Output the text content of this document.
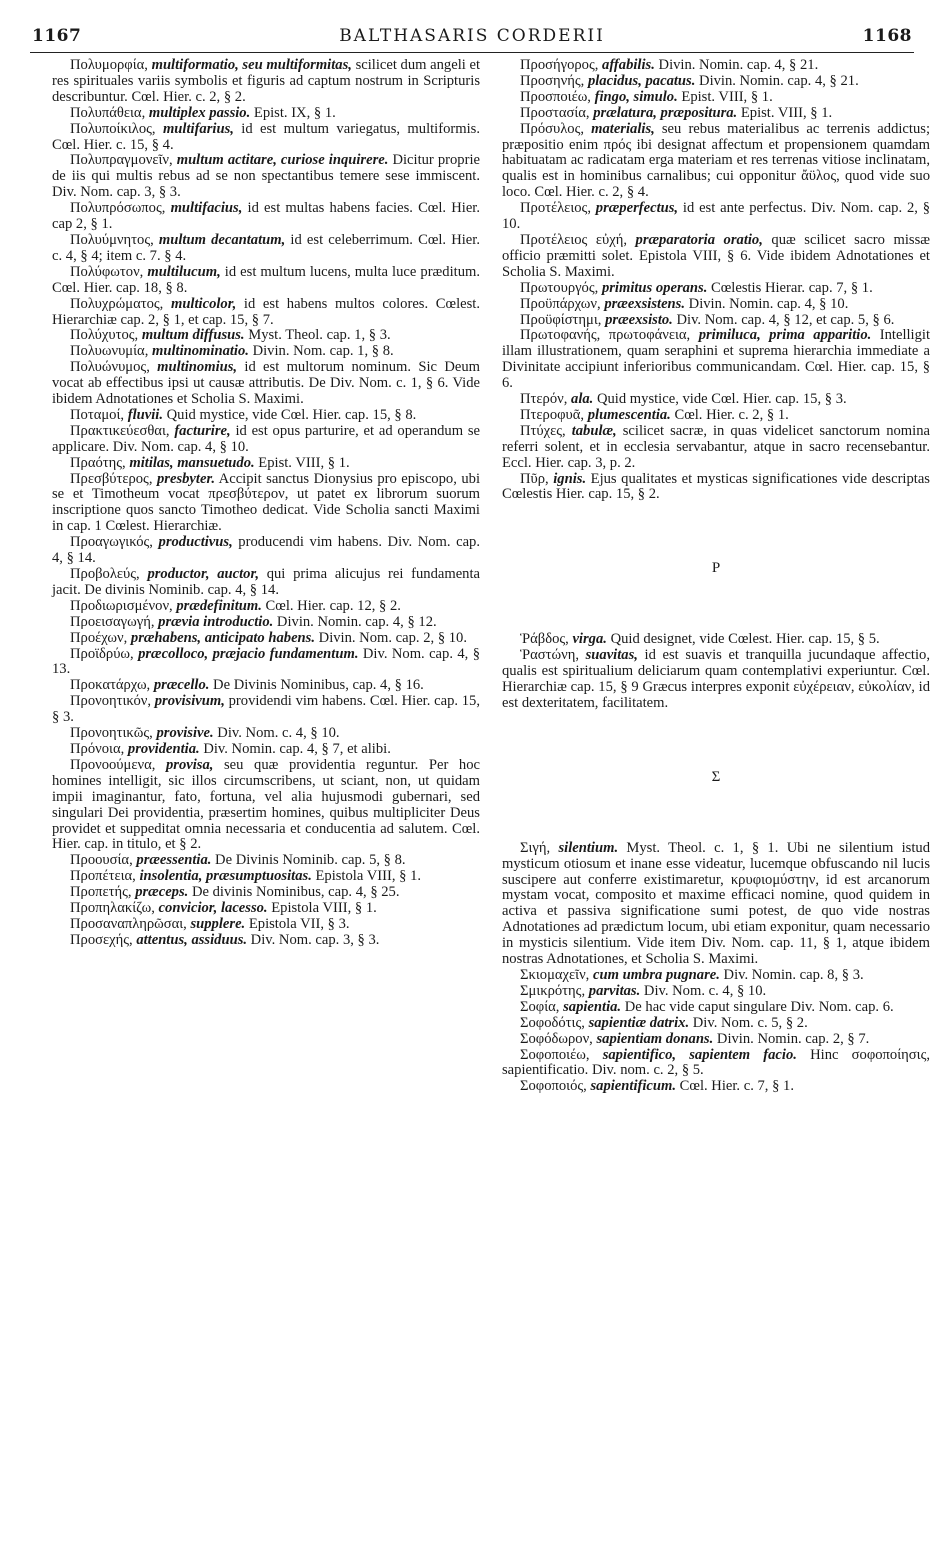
1167	BALTHASARIS CORDERII	1168

Πολυμορφία, multiformatio, seu multiformitas, scilicet dum angeli et res spirituales variis symbolis et figuris ad captum nostrum in Scripturis describuntur. Cœl. Hier. c. 2, § 2.

Πολυπάθεια, multiplex passio. Epist. IX, § 1.

Πολυποίκιλος, multifarius, id est multum variegatus, multiformis. Cœl. Hier. c. 15, § 4.

Πολυπραγμονεῖν, multum actitare, curiose inquirere. Dicitur proprie de iis qui multis rebus ad se non spectantibus temere sese immiscent. Div. Nom. cap. 3, § 3.

Πολυπρόσωπος, multifacius, id est multas habens facies. Cœl. Hier. cap 2, § 1.

Πολυύμνητος, multum decantatum, id est celeberrimum. Cœl. Hier. c. 4, § 4; item c. 7. § 4.

Πολύφωτον, multilucum, id est multum lucens, multa luce præditum. Cœl. Hier. cap. 18, § 8.

Πολυχρώματος, multicolor, id est habens multos colores. Cœlest. Hierarchiæ cap. 2, § 1, et cap. 15, § 7.

Πολύχυτος, multum diffusus. Myst. Theol. cap. 1, § 3.

Πολυωνυμία, multinominatio. Divin. Nom. cap. 1, § 8.

Πολυώνυμος, multinomius, id est multorum nominum. Sic Deum vocat ab effectibus ipsi ut causæ attributis. De Div. Nom. c. 1, § 6. Vide ibidem Adnotationes et Scholia S. Maximi.

Ποταμοί, fluvii. Quid mystice, vide Cœl. Hier. cap. 15, § 8.

Πρακτικεύεσθαι, facturire, id est opus parturire, et ad operandum se applicare. Div. Nom. cap. 4, § 10.

Πραότης, mitilas, mansuetudo. Epist. VIII, § 1.

Πρεσβύτερος, presbyter. Accipit sanctus Dionysius pro episcopo, ubi se et Timotheum vocat πρεσβύτερον, ut patet ex librorum suorum inscriptione quos sancto Timotheo dedicat. Vide Scholia sancti Maximi in cap. 1 Cœlest. Hierarchiæ.

Προαγωγικός, productivus, producendi vim habens. Div. Nom. cap. 4, § 14.

Προβολεύς, productor, auctor, qui prima alicujus rei fundamenta jacit. De divinis Nominib. cap. 4, § 14.

Προδιωρισμένον, prædefinitum. Cœl. Hier. cap. 12, § 2.

Προεισαγωγή, prævia introductio. Divin. Nomin. cap. 4, § 12.

Προέχων, præhabens, anticipato habens. Divin. Nom. cap. 2, § 10.

Προϊδρύω, præcolloco, præjacio fundamentum. Div. Nom. cap. 4, § 13.

Προκατάρχω, præcello. De Divinis Nominibus, cap. 4, § 16.

Προνοητικόν, provisivum, providendi vim habens. Cœl. Hier. cap. 15, § 3.

Προνοητικῶς, provisive. Div. Nom. c. 4, § 10.

Πρόνοια, providentia. Div. Nomin. cap. 4, § 7, et alibi.

Προνοούμενα, provisa, seu quæ providentia reguntur. Per hoc homines intelligit, sic illos circumscribens, ut sciant, non, ut quidam impii imaginantur, fato, fortuna, vel alia hujusmodi gubernari, sed singulari Dei providentia, præsertim homines, quibus multipliciter Deus providet et suppeditat omnia necessaria et conducentia ad salutem. Cœl. Hier. cap. in titulo, et § 2.

Προουσία, præessentia. De Divinis Nominib. cap. 5, § 8.

Προπέτεια, insolentia, præsumptuositas. Epistola VIII, § 1.

Προπετής, præceps. De divinis Nominibus, cap. 4, § 25.

Προπηλακίζω, convicior, lacesso. Epistola VIII, § 1.

Προσαναπληρῶσαι, supplere. Epistola VII, § 3.

Προσεχής, attentus, assiduus. Div. Nom. cap. 3, § 3.

Προσήγορος, affabilis. Divin. Nomin. cap. 4, § 21.

Προσηνής, placidus, pacatus. Divin. Nomin. cap. 4, § 21.

Προσποιέω, fingo, simulo. Epist. VIII, § 1.

Προστασία, prælatura, præpositura. Epist. VIII, § 1.

Πρόσυλος, materialis, seu rebus materialibus ac terrenis addictus; præpositio enim πρός ibi designat affectum et propensionem quamdam habituatam ac radicatam erga materiam et res terrenas vitiose inclinatam, qualis est in hominibus carnalibus; cui opponitur ἄϋλος, quod vide suo loco. Cœl. Hier. c. 2, § 4.

Προτέλειος, præperfectus, id est ante perfectus. Div. Nom. cap. 2, § 10.

Προτέλειος εὐχή, præparatoria oratio, quæ scilicet sacro missæ officio præmitti solet. Epistola VIII, § 6. Vide ibidem Adnotationes et Scholia S. Maximi.

Πρωτουργός, primitus operans. Cœlestis Hierar. cap. 7, § 1.

Προϋπάρχων, præexsistens. Divin. Nomin. cap. 4, § 10.

Προϋφίστημι, præexsisto. Div. Nom. cap. 4, § 12, et cap. 5, § 6.

Πρωτοφανής, πρωτοφάνεια, primiluca, prima apparitio. Intelligit illam illustrationem, quam seraphini et suprema hierarchia immediate a Divinitate accipiunt inferioribus communicandam. Cœl. Hier. cap. 15, § 6.

Πτερόν, ala. Quid mystice, vide Cœl. Hier. cap. 15, § 3.

Πτεροφυᾶ, plumescentia. Cœl. Hier. c. 2, § 1.

Πτύχες, tabulæ, scilicet sacræ, in quas videlicet sanctorum nomina referri solent, et in ecclesia servabantur, atque in sacro recensebantur. Eccl. Hier. cap. 3, p. 2.

Πῦρ, ignis. Ejus qualitates et mysticas significationes vide descriptas Cœlestis Hier. cap. 15, § 2.

P

Ῥάβδος, virga. Quid designet, vide Cœlest. Hier. cap. 15, § 5.

Ῥαστώνη, suavitas, id est suavis et tranquilla jucundaque affectio, qualis est spiritualium deliciarum quam contemplativi experiuntur. Cœl. Hierarchiæ cap. 15, § 9 Græcus interpres exponit εὐχέρειαν, εὐκολίαν, id est dexteritatem, facilitatem.

Σ

Σιγή, silentium. Myst. Theol. c. 1, § 1. Ubi ne silentium istud mysticum otiosum et inane esse videatur, lucemque obfuscando nil lucis suscipere aut conferre existimaretur, κρυφιομύστην, id est arcanorum mystam vocat, composito et maxime efficaci nomine, quod quidem in activa et passiva significatione sumi potest, de quo vide nostras Adnotationes ad prædictum locum, ubi etiam exponitur, quam necessario in mysticis silentium. Vide item Div. Nom. cap. 11, § 1, atque ibidem nostras Adnotationes, et Scholia S. Maximi.

Σκιομαχεῖν, cum umbra pugnare. Div. Nomin. cap. 8, § 3.

Σμικρότης, parvitas. Div. Nom. c. 4, § 10.

Σοφία, sapientia. De hac vide caput singulare Div. Nom. cap. 6.

Σοφοδότις, sapientiæ datrix. Div. Nom. c. 5, § 2.

Σοφόδωρον, sapientiam donans. Divin. Nomin. cap. 2, § 7.

Σοφοποιέω, sapientifico, sapientem facio. Hinc σοφοποίησις, sapientificatio. Div. nom. c. 2, § 5.

Σοφοποιός, sapientificum. Cœl. Hier. c. 7, § 1.
